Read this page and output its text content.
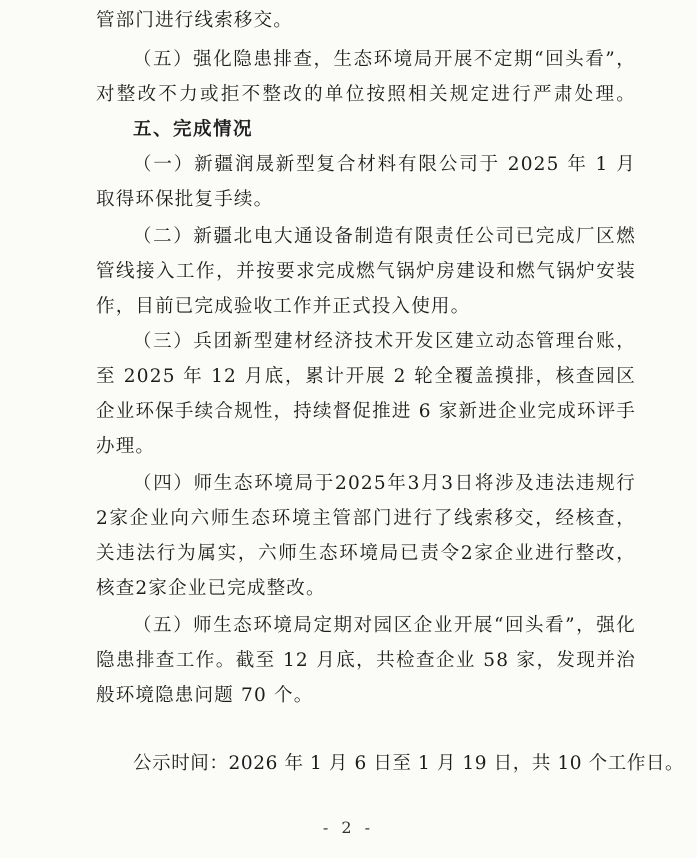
管部门进行线索移交。
（五）强化隐患排查，生态环境局开展不定期“回头看”，
对整改不力或拒不整改的单位按照相关规定进行严肃处理。
五、完成情况
（一）新疆润晟新型复合材料有限公司于 2025 年 1 月
取得环保批复手续。
（二）新疆北电大通设备制造有限责任公司已完成厂区燃
管线接入工作，并按要求完成燃气锅炉房建设和燃气锅炉安装
作，目前已完成验收工作并正式投入使用。
（三）兵团新型建材经济技术开发区建立动态管理台账，
至 2025 年 12 月底，累计开展 2 轮全覆盖摸排，核查园区
企业环保手续合规性，持续督促推进 6 家新进企业完成环评手
办理。
（四）师生态环境局于2025年3月3日将涉及违法违规行
2家企业向六师生态环境主管部门进行了线索移交，经核查，
关违法行为属实，六师生态环境局已责令2家企业进行整改，
核查2家企业已完成整改。
（五）师生态环境局定期对园区企业开展“回头看”，强化
隐患排查工作。截至 12 月底，共检查企业 58 家，发现并治
般环境隐患问题 70 个。
公示时间：2026 年 1 月 6 日至 1 月 19 日，共 10 个工作日。
- 2 -
